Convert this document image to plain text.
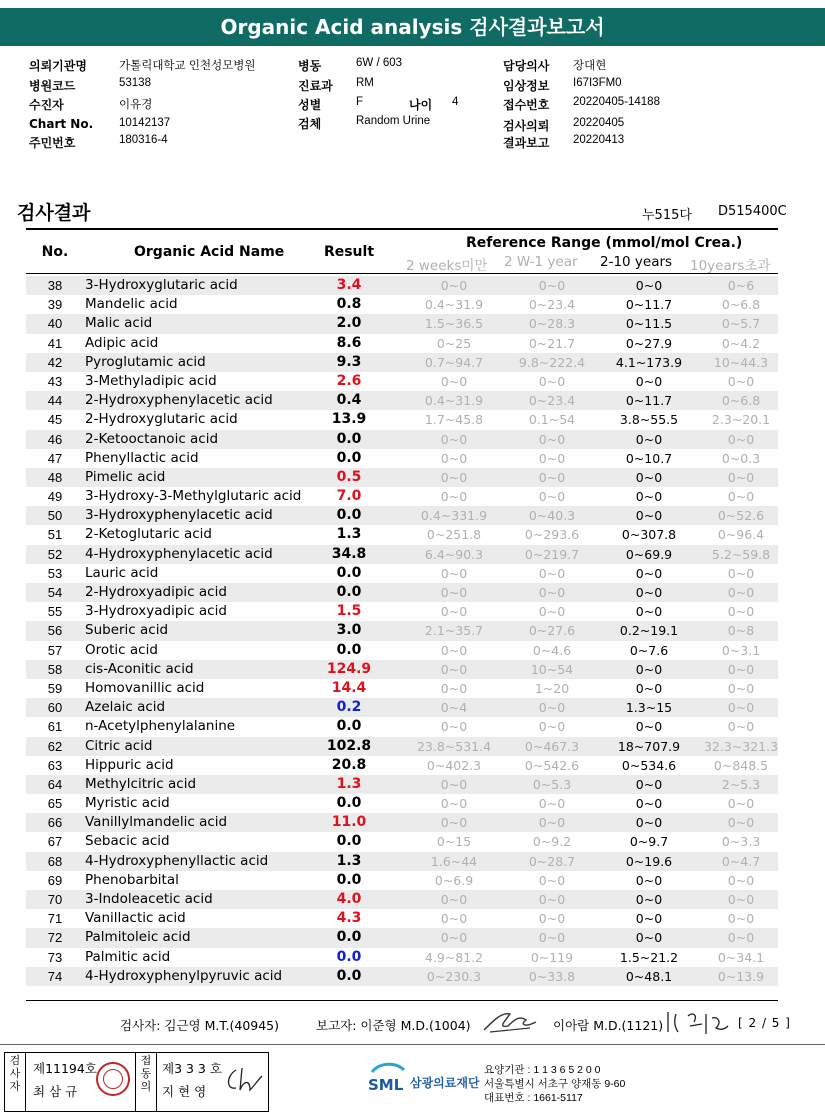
Organic Acid analysis 검사결과보고서
의뢰기관명	가톨릭대학교 인천성모병원
병원코드	53138
수진자	이유경
Chart No. 10142137
주민번호	180316-4
병동	6W / 603
진료과 RM
성별	F	나이 4
검체	Random Urine
담당의사 장대현
임상정보 I67I3FM0
접수번호 20220405-14188
검사의뢰 20220405
결과보고 20220413
검사결과	누515다 D515400C
No.	Organic Acid Name	Result
Reference Range (mmol/mol Crea.)
2 weeks미만 2 W-1 year 2-10 years 10years초과
38	3-Hydroxyglutaric acid	3.4	0~0	0~0	0~0	0~6
39	Mandelic acid	0.8	0.4~31.9	0~23.4	0~11.7	0~6.8
40	Malic acid	2.0	1.5~36.5	0~28.3	0~11.5	0~5.7
41	Adipic acid	8.6	0~25	0~21.7	0~27.9	0~4.2
42	Pyroglutamic acid	9.3	0.7~94.7	9.8~222.4	4.1~173.9	10~44.3
43	3-Methyladipic acid	2.6	0~0	0~0	0~0	0~0
44	2-Hydroxyphenylacetic acid	0.4	0.4~31.9	0~23.4	0~11.7	0~6.8
45	2-Hydroxyglutaric acid	13.9	1.7~45.8	0.1~54	3.8~55.5	2.3~20.1
46	2-Ketooctanoic acid	0.0	0~0	0~0	0~0	0~0
47	Phenyllactic acid	0.0	0~0	0~0	0~10.7	0~0.3
48	Pimelic acid	0.5	0~0	0~0	0~0	0~0
49	3-Hydroxy-3-Methylglutaric acid	7.0	0~0	0~0	0~0	0~0
50	3-Hydroxyphenylacetic acid	0.0	0.4~331.9	0~40.3	0~0	0~52.6
51	2-Ketoglutaric acid	1.3	0~251.8	0~293.6	0~307.8	0~96.4
52	4-Hydroxyphenylacetic acid	34.8	6.4~90.3	0~219.7	0~69.9	5.2~59.8
53	Lauric acid	0.0	0~0	0~0	0~0	0~0
54	2-Hydroxyadipic acid	0.0	0~0	0~0	0~0	0~0
55	3-Hydroxyadipic acid	1.5	0~0	0~0	0~0	0~0
56	Suberic acid	3.0	2.1~35.7	0~27.6	0.2~19.1	0~8
57	Orotic acid	0.0	0~0	0~4.6	0~7.6	0~3.1
58	cis-Aconitic acid	124.9	0~0	10~54	0~0	0~0
59	Homovanillic acid	14.4	0~0	1~20	0~0	0~0
60	Azelaic acid	0.2	0~4	0~0	1.3~15	0~0
61	n-Acetylphenylalanine	0.0	0~0	0~0	0~0	0~0
62	Citric acid	102.8	23.8~531.4	0~467.3	18~707.9	32.3~321.3
63	Hippuric acid	20.8	0~402.3	0~542.6	0~534.6	0~848.5
64	Methylcitric acid	1.3	0~0	0~5.3	0~0	2~5.3
65	Myristic acid	0.0	0~0	0~0	0~0	0~0
66	Vanillylmandelic acid	11.0	0~0	0~0	0~0	0~0
67	Sebacic acid	0.0	0~15	0~9.2	0~9.7	0~3.3
68	4-Hydroxyphenyllactic acid	1.3	1.6~44	0~28.7	0~19.6	0~4.7
69	Phenobarbital	0.0	0~6.9	0~0	0~0	0~0
70	3-Indoleacetic acid	4.0	0~0	0~0	0~0	0~0
71	Vanillactic acid	4.3	0~0	0~0	0~0	0~0
72	Palmitoleic acid	0.0	0~0	0~0	0~0	0~0
73	Palmitic acid	0.0	4.9~81.2	0~119	1.5~21.2	0~34.1
74	4-Hydroxyphenylpyruvic acid	0.0	0~230.3	0~33.8	0~48.1	0~13.9
검사자: 김근영 M.T.(40945)	보고자: 이준형 M.D.(1004)	이아람 M.D.(1121)	[ 2 / 5 ]
검
사
자
제11194호
최 삼 규
접
동
의
제3 3 3 호
지 현 영	SML 삼광의료재단
요양기관 : 1 1 3 6 5 2 0 0
서울특별시 서초구 양재동 9-60
대표번호 : 1661-5117
